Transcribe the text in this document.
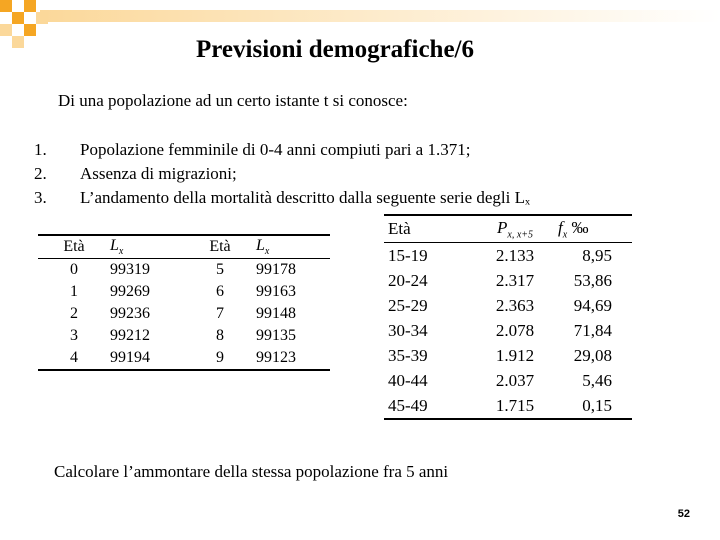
Previsioni demografiche/6
Di una popolazione ad un certo istante t si conosce:
1.	Popolazione femminile di 0-4 anni compiuti pari a 1.371;
2.	Assenza di migrazioni;
3.	L’andamento della mortalità descritto dalla seguente serie degli Lₓ
Età	$L_x$	Età	$L_x$
0	99319	5	99178
1	99269	6	99163
2	99236	7	99148
3	99212	8	99135
4	99194	9	99123
Età	$P_{x, x+5}$	$f_x$ ‰
15-19	2.133	8,95
20-24	2.317	53,86
25-29	2.363	94,69
30-34	2.078	71,84
35-39	1.912	29,08
40-44	2.037	5,46
45-49	1.715	0,15
Calcolare l’ammontare della stessa popolazione fra 5 anni
52
